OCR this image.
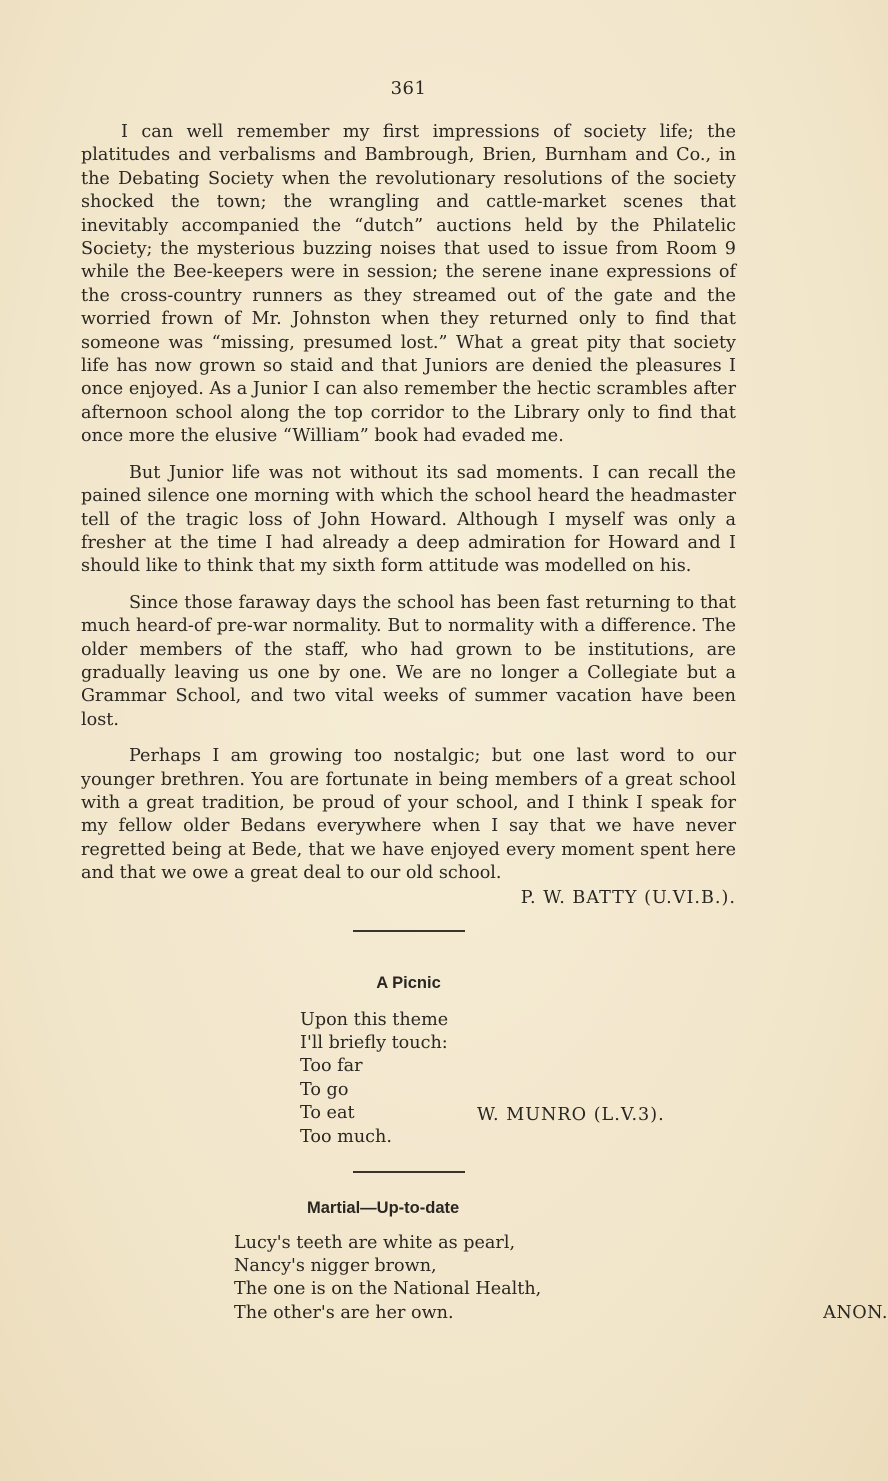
361

I can well remember my first impressions of society life; the platitudes and verbalisms and Bambrough, Brien, Burnham and Co., in the Debating Society when the revolutionary resolutions of the society shocked the town; the wrangling and cattle-market scenes that inevitably accompanied the “dutch” auctions held by the Philatelic Society; the mysterious buzzing noises that used to issue from Room 9 while the Bee-keepers were in session; the serene inane expressions of the cross-country runners as they streamed out of the gate and the worried frown of Mr. Johnston when they returned only to find that someone was “missing, presumed lost.” What a great pity that society life has now grown so staid and that Juniors are denied the pleasures I once enjoyed. As a Junior I can also remember the hectic scrambles after afternoon school along the top corridor to the Library only to find that once more the elusive “William” book had evaded me.

But Junior life was not without its sad moments. I can recall the pained silence one morning with which the school heard the headmaster tell of the tragic loss of John Howard. Although I myself was only a fresher at the time I had already a deep admiration for Howard and I should like to think that my sixth form attitude was modelled on his.

Since those faraway days the school has been fast returning to that much heard-of pre-war normality. But to normality with a difference. The older members of the staff, who had grown to be institutions, are gradually leaving us one by one. We are no longer a Collegiate but a Grammar School, and two vital weeks of summer vacation have been lost.

Perhaps I am growing too nostalgic; but one last word to our younger brethren. You are fortunate in being members of a great school with a great tradition, be proud of your school, and I think I speak for my fellow older Bedans everywhere when I say that we have never regretted being at Bede, that we have enjoyed every moment spent here and that we owe a great deal to our old school.

P. W. BATTY (U.VI.B.).
A Picnic
Upon this theme
I'll briefly touch:
Too far
To go
To eat
Too much.
W. MUNRO (L.V.3).
Martial—Up-to-date
Lucy's teeth are white as pearl,
Nancy's nigger brown,
The one is on the National Health,
The other's are her own.	ANON.
